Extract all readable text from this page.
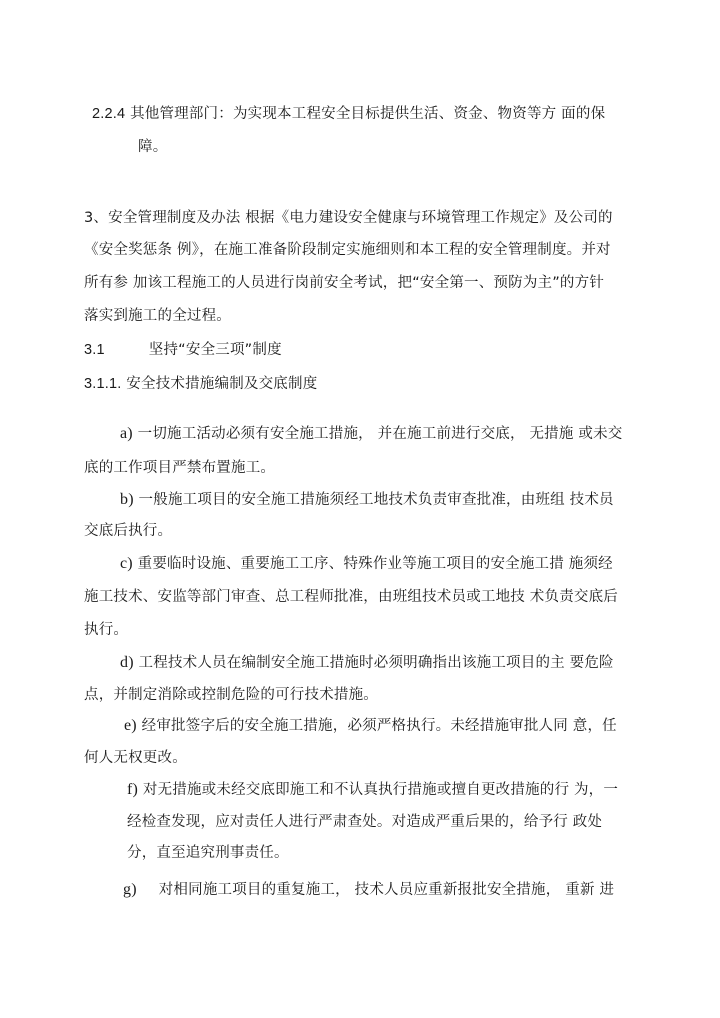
2.2.4 其他管理部门：为实现本工程安全目标提供生活、资金、物资等方 面的保
障。
3、安全管理制度及办法 根据《电力建设安全健康与环境管理工作规定》及公司的
《安全奖惩条 例》，在施工准备阶段制定实施细则和本工程的安全管理制度。并对
所有参 加该工程施工的人员进行岗前安全考试，把“安全第一、预防为主”的方针
落实到施工的全过程。
3.1	坚持“安全三项”制度
3.1.1. 安全技术措施编制及交底制度
a) 一切施工活动必须有安全施工措施， 并在施工前进行交底， 无措施 或未交
底的工作项目严禁布置施工。
b) 一般施工项目的安全施工措施须经工地技术负责审查批准，由班组 技术员
交底后执行。
c) 重要临时设施、重要施工工序、特殊作业等施工项目的安全施工措 施须经
施工技术、安监等部门审查、总工程师批准，由班组技术员或工地技 术负责交底后
执行。
d) 工程技术人员在编制安全施工措施时必须明确指出该施工项目的主 要危险
点，并制定消除或控制危险的可行技术措施。
e) 经审批签字后的安全施工措施，必须严格执行。未经措施审批人同 意，任
何人无权更改。
f) 对无措施或未经交底即施工和不认真执行措施或擅自更改措施的行 为，一
经检查发现，应对责任人进行严肃查处。对造成严重后果的，给予行 政处
分，直至追究刑事责任。
g) 对相同施工项目的重复施工， 技术人员应重新报批安全措施， 重新 进
